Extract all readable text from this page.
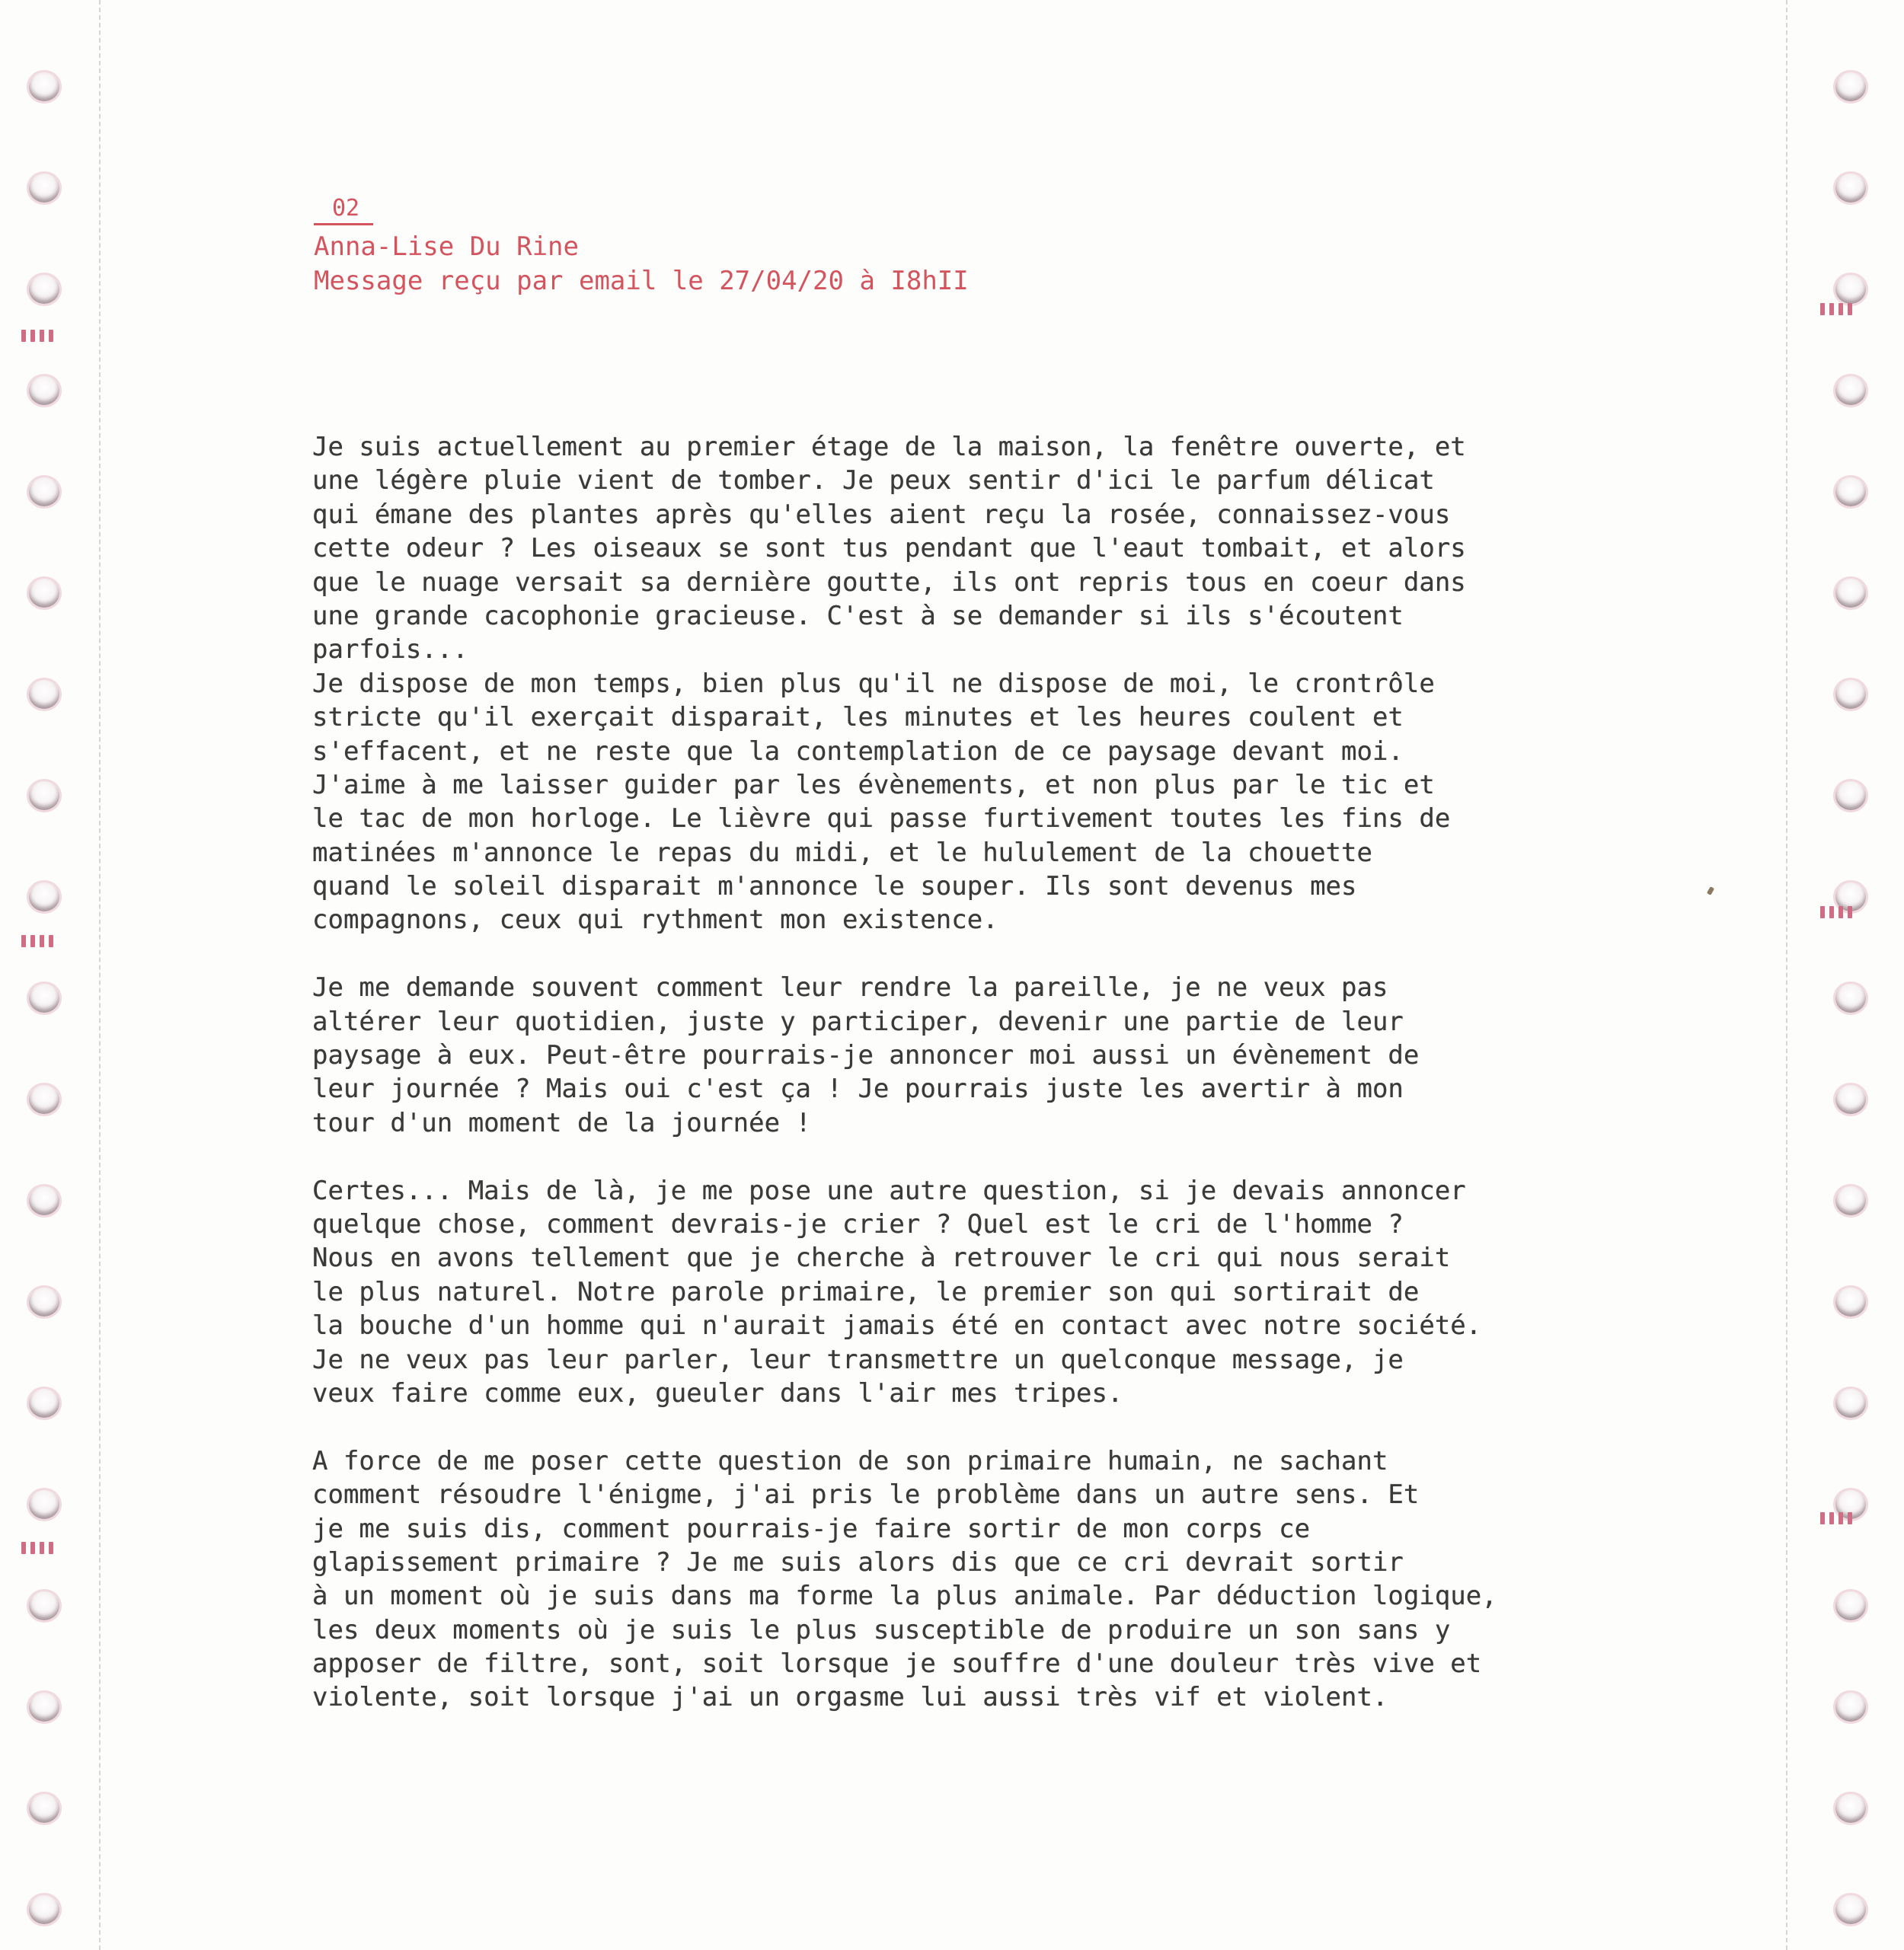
02
Anna-Lise Du Rine
Message reçu par email le 27/04/20 à I8hII
Je suis actuellement au premier étage de la maison, la fenêtre ouverte, et
une légère pluie vient de tomber. Je peux sentir d'ici le parfum délicat
qui émane des plantes après qu'elles aient reçu la rosée, connaissez-vous
cette odeur ? Les oiseaux se sont tus pendant que l'eaut tombait, et alors
que le nuage versait sa dernière goutte, ils ont repris tous en coeur dans
une grande cacophonie gracieuse. C'est à se demander si ils s'écoutent
parfois...
Je dispose de mon temps, bien plus qu'il ne dispose de moi, le crontrôle
stricte qu'il exerçait disparait, les minutes et les heures coulent et
s'effacent, et ne reste que la contemplation de ce paysage devant moi.
J'aime à me laisser guider par les évènements, et non plus par le tic et
le tac de mon horloge. Le lièvre qui passe furtivement toutes les fins de
matinées m'annonce le repas du midi, et le hululement de la chouette
quand le soleil disparait m'annonce le souper. Ils sont devenus mes
compagnons, ceux qui rythment mon existence.
Je me demande souvent comment leur rendre la pareille, je ne veux pas
altérer leur quotidien, juste y participer, devenir une partie de leur
paysage à eux. Peut-être pourrais-je annoncer moi aussi un évènement de
leur journée ? Mais oui c'est ça ! Je pourrais juste les avertir à mon
tour d'un moment de la journée !
Certes... Mais de là, je me pose une autre question, si je devais annoncer
quelque chose, comment devrais-je crier ? Quel est le cri de l'homme ?
Nous en avons tellement que je cherche à retrouver le cri qui nous serait
le plus naturel. Notre parole primaire, le premier son qui sortirait de
la bouche d'un homme qui n'aurait jamais été en contact avec notre société.
Je ne veux pas leur parler, leur transmettre un quelconque message, je
veux faire comme eux, gueuler dans l'air mes tripes.
A force de me poser cette question de son primaire humain, ne sachant
comment résoudre l'énigme, j'ai pris le problème dans un autre sens. Et
je me suis dis, comment pourrais-je faire sortir de mon corps ce
glapissement primaire ? Je me suis alors dis que ce cri devrait sortir
à un moment où je suis dans ma forme la plus animale. Par déduction logique,
les deux moments où je suis le plus susceptible de produire un son sans y
apposer de filtre, sont, soit lorsque je souffre d'une douleur très vive et
violente, soit lorsque j'ai un orgasme lui aussi très vif et violent.
